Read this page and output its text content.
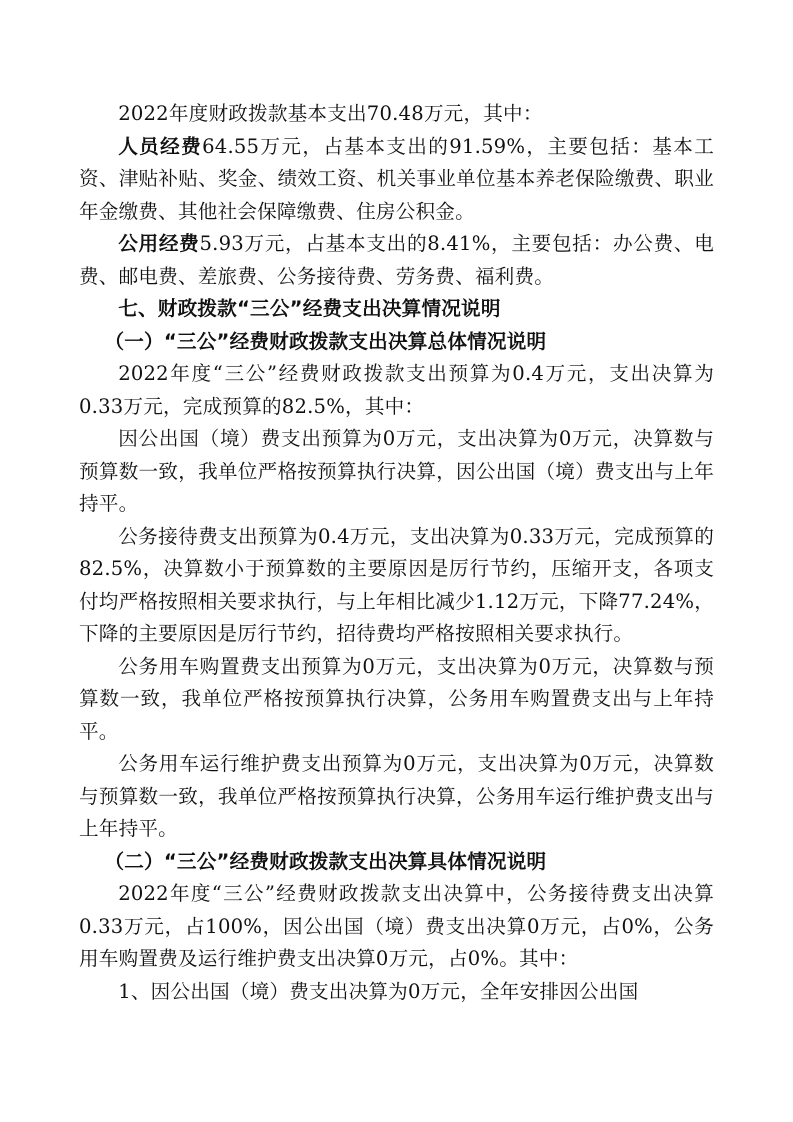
2022年度财政拨款基本支出70.48万元，其中：

人员经费64.55万元，占基本支出的91.59%，主要包括：基本工资、津贴补贴、奖金、绩效工资、机关事业单位基本养老保险缴费、职业年金缴费、其他社会保障缴费、住房公积金。

公用经费5.93万元，占基本支出的8.41%，主要包括：办公费、电费、邮电费、差旅费、公务接待费、劳务费、福利费。

七、财政拨款“三公”经费支出决算情况说明

（一）“三公”经费财政拨款支出决算总体情况说明

2022年度“三公”经费财政拨款支出预算为0.4万元，支出决算为0.33万元，完成预算的82.5%，其中：

因公出国（境）费支出预算为0万元，支出决算为0万元，决算数与预算数一致，我单位严格按预算执行决算，因公出国（境）费支出与上年持平。

公务接待费支出预算为0.4万元，支出决算为0.33万元，完成预算的82.5%，决算数小于预算数的主要原因是厉行节约，压缩开支，各项支付均严格按照相关要求执行，与上年相比减少1.12万元，下降77.24%，下降的主要原因是厉行节约，招待费均严格按照相关要求执行。

公务用车购置费支出预算为0万元，支出决算为0万元，决算数与预算数一致，我单位严格按预算执行决算，公务用车购置费支出与上年持平。

公务用车运行维护费支出预算为0万元，支出决算为0万元，决算数与预算数一致，我单位严格按预算执行决算，公务用车运行维护费支出与上年持平。

（二）“三公”经费财政拨款支出决算具体情况说明

2022年度“三公”经费财政拨款支出决算中，公务接待费支出决算0.33万元，占100%，因公出国（境）费支出决算0万元，占0%，公务用车购置费及运行维护费支出决算0万元，占0%。其中：

1、因公出国（境）费支出决算为0万元，全年安排因公出国
